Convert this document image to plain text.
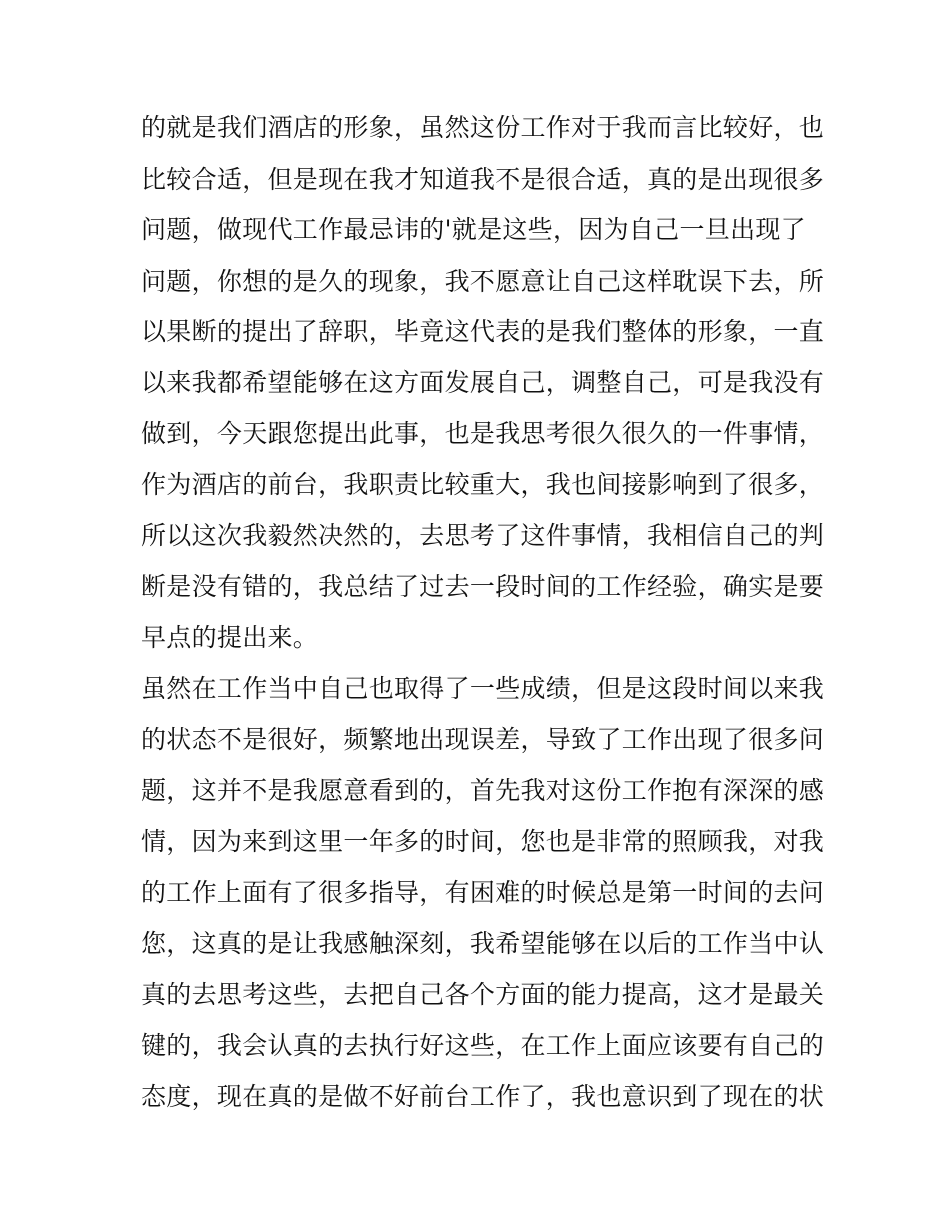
的就是我们酒店的形象，虽然这份工作对于我而言比较好，也
比较合适，但是现在我才知道我不是很合适，真的是出现很多
问题，做现代工作最忌讳的'就是这些，因为自己一旦出现了
问题，你想的是久的现象，我不愿意让自己这样耽误下去，所
以果断的提出了辞职，毕竟这代表的是我们整体的形象，一直
以来我都希望能够在这方面发展自己，调整自己，可是我没有
做到，今天跟您提出此事，也是我思考很久很久的一件事情，
作为酒店的前台，我职责比较重大，我也间接影响到了很多，
所以这次我毅然决然的，去思考了这件事情，我相信自己的判
断是没有错的，我总结了过去一段时间的工作经验，确实是要
早点的提出来。
虽然在工作当中自己也取得了一些成绩，但是这段时间以来我
的状态不是很好，频繁地出现误差，导致了工作出现了很多问
题，这并不是我愿意看到的，首先我对这份工作抱有深深的感
情，因为来到这里一年多的时间，您也是非常的照顾我，对我
的工作上面有了很多指导，有困难的时候总是第一时间的去问
您，这真的是让我感触深刻，我希望能够在以后的工作当中认
真的去思考这些，去把自己各个方面的能力提高，这才是最关
键的，我会认真的去执行好这些，在工作上面应该要有自己的
态度，现在真的是做不好前台工作了，我也意识到了现在的状
